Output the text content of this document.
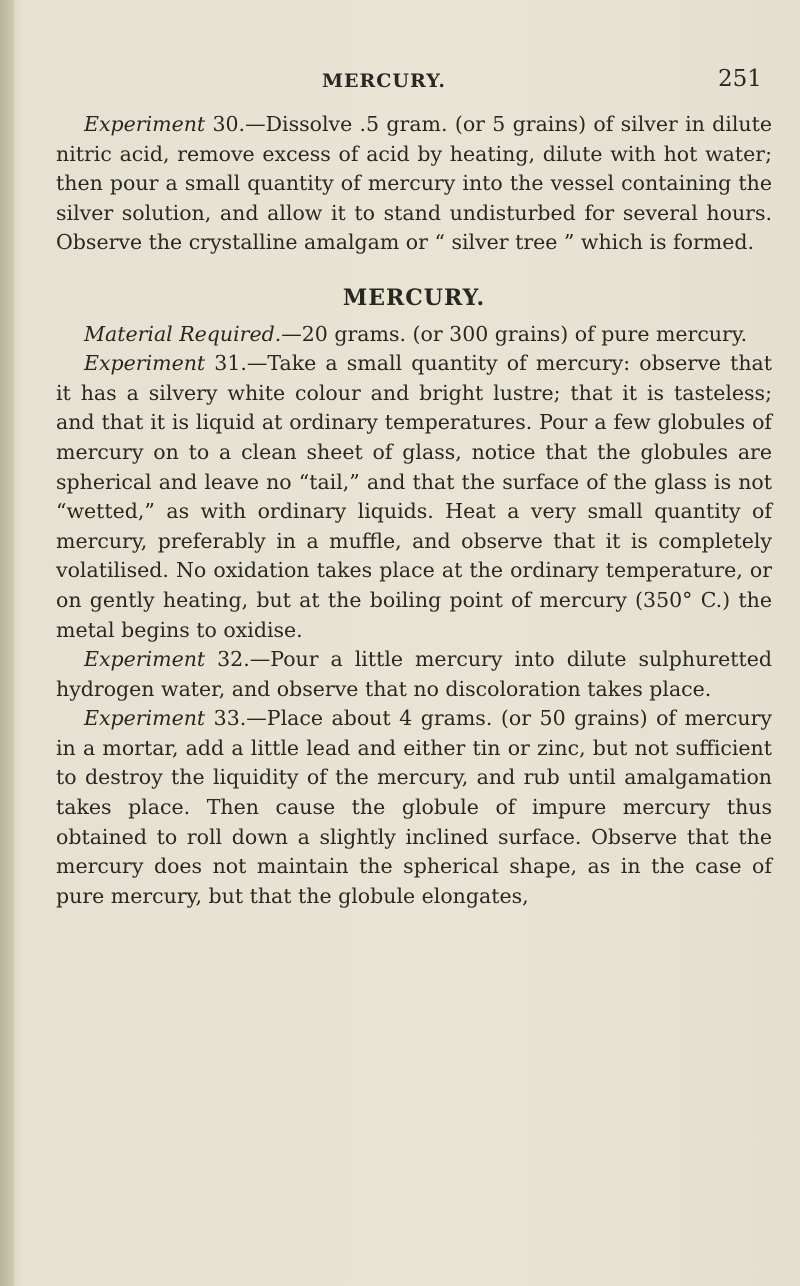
MERCURY.	251

Experiment 30.—Dissolve .5 gram. (or 5 grains) of silver in dilute nitric acid, remove excess of acid by heating, dilute with hot water; then pour a small quantity of mercury into the vessel containing the silver solution, and allow it to stand undisturbed for several hours. Observe the crystalline amalgam or “ silver tree ” which is formed.

MERCURY.

Material Required.—20 grams. (or 300 grains) of pure mercury.

Experiment 31.—Take a small quantity of mercury: observe that it has a silvery white colour and bright lustre; that it is tasteless; and that it is liquid at ordinary temperatures. Pour a few globules of mercury on to a clean sheet of glass, notice that the globules are spherical and leave no “tail,” and that the surface of the glass is not “wetted,” as with ordinary liquids. Heat a very small quantity of mercury, preferably in a muffle, and observe that it is completely volatilised. No oxidation takes place at the ordinary temperature, or on gently heating, but at the boiling point of mercury (350° C.) the metal begins to oxidise.

Experiment 32.—Pour a little mercury into dilute sulphuretted hydrogen water, and observe that no discoloration takes place.

Experiment 33.—Place about 4 grams. (or 50 grains) of mercury in a mortar, add a little lead and either tin or zinc, but not sufficient to destroy the liquidity of the mercury, and rub until amalgamation takes place. Then cause the globule of impure mercury thus obtained to roll down a slightly inclined surface. Observe that the mercury does not maintain the spherical shape, as in the case of pure mercury, but that the globule elongates,
